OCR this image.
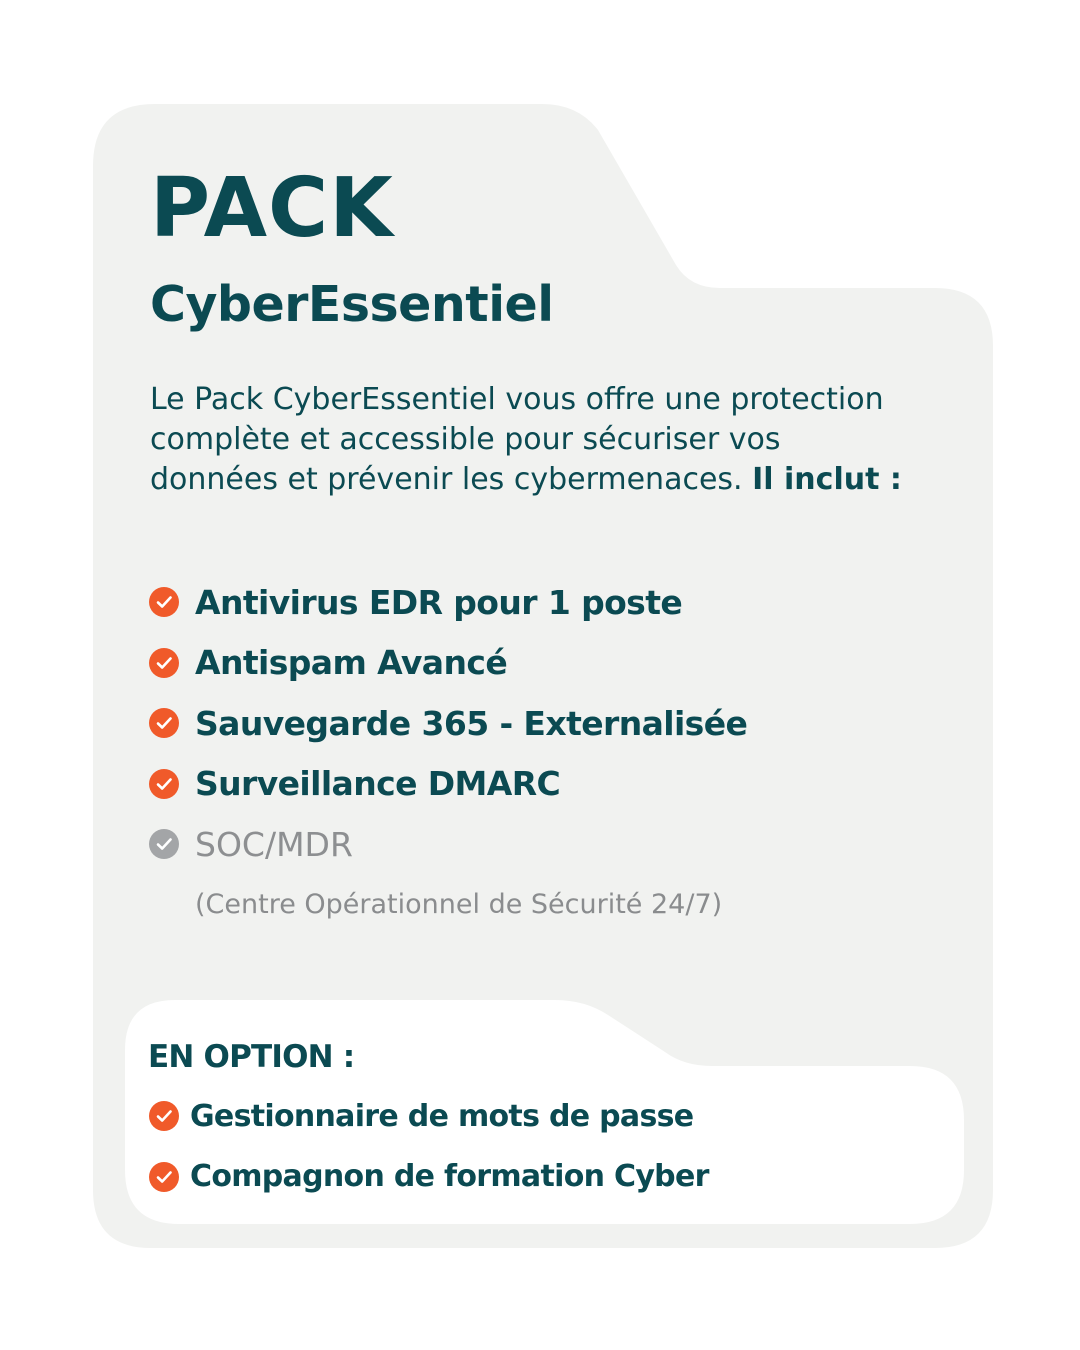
PACK
CyberEssentiel

Le Pack CyberEssentiel vous offre une protection complète et accessible pour sécuriser vos données et prévenir les cybermenaces. Il inclut :

Antivirus EDR pour 1 poste
Antispam Avancé
Sauvegarde 365 - Externalisée
Surveillance DMARC
SOC/MDR

(Centre Opérationnel de Sécurité 24/7)

EN OPTION :

Gestionnaire de mots de passe
Compagnon de formation Cyber
